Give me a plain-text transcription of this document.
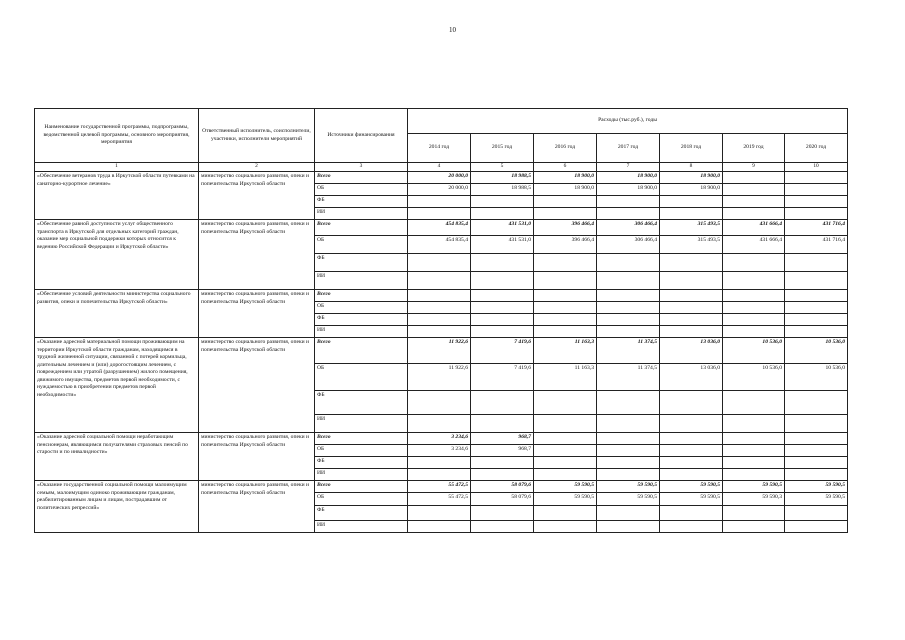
10
Наименование государственной программы, подпрограммы, ведомственной целевой программы, основного мероприятия, мероприятия	Ответственный исполнитель, соисполнители, участники, исполнители мероприятий	Источники финансирования	Расходы (тыс.руб.), годы						
			2014 год	2015 год	2016 год	2017 год	2018 год	2019 год	2020 год
1	2	3	4	5	6	7	8	9	10
«Обеспечение ветеранов труда в Иркутской области путевками на санаторно-курортное лечение»	министерство социального развития, опеки и попечительства Иркутской области	Всего	20 000,0	18 988,5	18 900,0	18 900,0	18 900,0		
		ОБ	20 000,0	18 988,5	18 900,0	18 900,0	18 900,0		
		ФБ							
		ИИ							
«Обеспечение равной доступности услуг общественного транспорта в Иркутской для отдельных категорий граждан, оказание мер социальной поддержки которых относится к ведению Российской Федерации и Иркутской области»	министерство социального развития, опеки и попечительства Иркутской области	Всего	454 835,4	431 531,0	396 466,4	306 466,4	315 493,5	431 666,4	431 716,4
		ОБ	454 835,4	431 531,0	396 466,4	306 466,4	315 493,5	431 666,4	431 716,4
		ФБ							
		ИИ							
«Обеспечение условий деятельности министерства социального развития, опеки и попечительства Иркутской области»	министерство социального развития, опеки и попечительства Иркутской области	Всего							
		ОБ							
		ФБ							
		ИИ							
«Оказание адресной материальной помощи проживающим на территории Иркутской области гражданам, находящимся в трудной жизненной ситуации, связанной с потерей кормильца, длительным лечением и (или) дорогостоящим лечением, с повреждением или утратой (разрушением) жилого помещения, движимого имущества, предметов первой необходимости, с нуждаемостью в приобретении предметов первой необходимости»	министерство социального развития, опеки и попечительства Иркутской области	Всего	11 922,6	7 419,6	11 163,3	11 374,5	13 036,0	10 536,0	10 536,0
		ОБ	11 922,6	7 419,6	11 163,3	11 374,5	13 036,0	10 536,0	10 536,0
		ФБ							
		ИИ							
«Оказание адресной социальной помощи неработающим пенсионерам, являющимся получателями страховых пенсий по старости и по инвалидности»	министерство социального развития, опеки и попечительства Иркутской области	Всего	3 234,6	968,7					
		ОБ	3 234,6	968,7					
		ФБ							
		ИИ							
«Оказание государственной социальной помощи малоимущим семьям, малоимущим одиноко проживающим гражданам, реабилитированным лицам и лицам, пострадавшим от политических репрессий»	министерство социального развития, опеки и попечительства Иркутской области	Всего	55 472,5	58 079,6	59 590,5	59 590,5	59 590,5	59 590,5	59 590,5
		ОБ	55 472,5	58 079,6	59 590,5	59 590,5	59 590,5	59 590,3	59 590,5
		ФБ							
		ИИ							
